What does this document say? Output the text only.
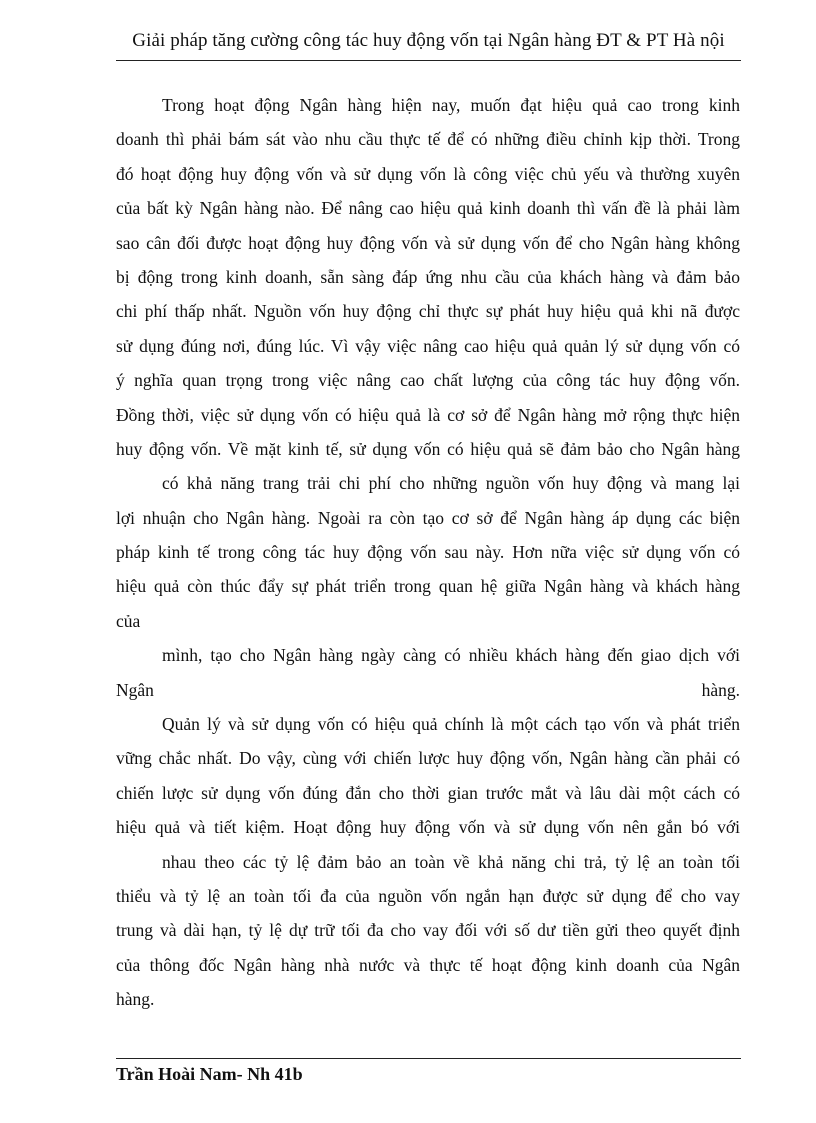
Giải pháp tăng cường công tác huy động vốn tại Ngân hàng ĐT & PT Hà nội
Trong hoạt động Ngân hàng hiện nay, muốn đạt hiệu quả cao trong kinh
doanh thì phải bám sát vào nhu cầu thực tế để có những điều chỉnh kịp thời. Trong
đó hoạt động huy động vốn và sử dụng vốn là công việc chủ yếu và thường xuyên
của bất kỳ Ngân hàng nào. Để nâng cao hiệu quả kinh doanh thì vấn đề là phải làm
sao cân đối được hoạt động huy động vốn và sử dụng vốn để cho Ngân hàng không
bị động trong kinh doanh, sẵn sàng đáp ứng nhu cầu của khách hàng và đảm bảo
chi phí thấp nhất. Nguồn vốn huy động chỉ thực sự phát huy hiệu quả khi nã được
sử dụng đúng nơi, đúng lúc. Vì vậy việc nâng cao hiệu quả quản lý sử dụng vốn có
ý nghĩa quan trọng trong việc nâng cao chất lượng của công tác huy động vốn.
Đồng thời, việc sử dụng vốn có hiệu quả là cơ sở để Ngân hàng mở rộng thực hiện
huy động vốn. Về mặt kinh tế, sử dụng vốn có hiệu quả sẽ đảm bảo cho Ngân hàng
có khả năng trang trải chi phí cho những nguồn vốn huy động và mang lại
lợi nhuận cho Ngân hàng. Ngoài ra còn tạo cơ sở để Ngân hàng áp dụng các biện
pháp kinh tế trong công tác huy động vốn sau này. Hơn nữa việc sử dụng vốn có
hiệu quả còn thúc đẩy sự phát triển trong quan hệ giữa Ngân hàng và khách hàng
của
mình, tạo cho Ngân hàng ngày càng có nhiều khách hàng đến giao dịch với
Ngân	hàng.
Quản lý và sử dụng vốn có hiệu quả chính là một cách tạo vốn và phát triển
vững chắc nhất. Do vậy, cùng với chiến lược huy động vốn, Ngân hàng cần phải có
chiến lược sử dụng vốn đúng đắn cho thời gian trước mắt và lâu dài một cách có
hiệu quả và tiết kiệm. Hoạt động huy động vốn và sử dụng vốn nên gắn bó với
nhau theo các tỷ lệ đảm bảo an toàn về khả năng chi trả, tỷ lệ an toàn tối
thiểu và tỷ lệ an toàn tối đa của nguồn vốn ngắn hạn được sử dụng để cho vay
trung và dài hạn, tỷ lệ dự trữ tối đa cho vay đối với số dư tiền gửi theo quyết định
của thông đốc Ngân hàng nhà nước và thực tế hoạt động kinh doanh của Ngân
hàng.
Trần Hoài Nam- Nh 41b
